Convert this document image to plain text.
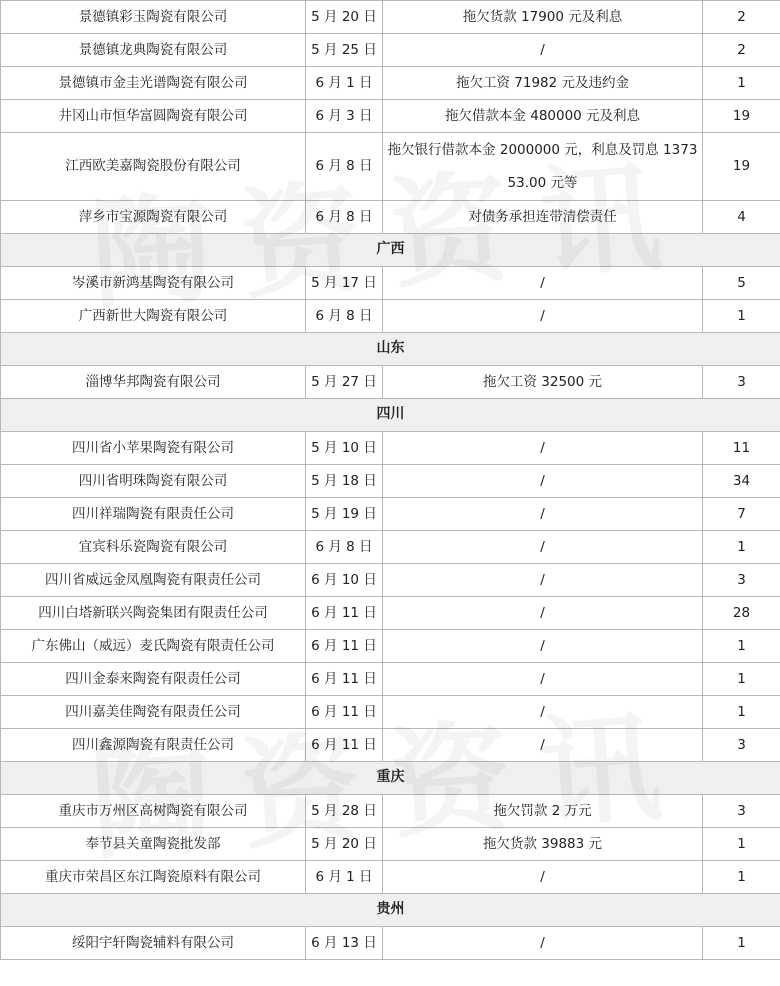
景德镇彩玉陶瓷有限公司	5 月 20 日	拖欠货款 17900 元及利息	2
景德镇龙典陶瓷有限公司	5 月 25 日	/	2
景德镇市金圭光谱陶瓷有限公司	6 月 1 日	拖欠工资 71982 元及违约金	1
井冈山市恒华富圆陶瓷有限公司	6 月 3 日	拖欠借款本金 480000 元及利息	19
江西欧美嘉陶瓷股份有限公司	6 月 8 日	拖欠银行借款本金 2000000 元，利息及罚息 137353.00 元等	19
萍乡市宝源陶瓷有限公司	6 月 8 日	对债务承担连带清偿责任	4
广西			
岑溪市新鸿基陶瓷有限公司	5 月 17 日	/	5
广西新世大陶瓷有限公司	6 月 8 日	/	1
山东			
淄博华邦陶瓷有限公司	5 月 27 日	拖欠工资 32500 元	3
四川			
四川省小苹果陶瓷有限公司	5 月 10 日	/	11
四川省明珠陶瓷有限公司	5 月 18 日	/	34
四川祥瑞陶瓷有限责任公司	5 月 19 日	/	7
宜宾科乐瓷陶瓷有限公司	6 月 8 日	/	1
四川省威远金凤凰陶瓷有限责任公司	6 月 10 日	/	3
四川白塔新联兴陶瓷集团有限责任公司	6 月 11 日	/	28
广东佛山（威远）麦氏陶瓷有限责任公司	6 月 11 日	/	1
四川金泰来陶瓷有限责任公司	6 月 11 日	/	1
四川嘉美佳陶瓷有限责任公司	6 月 11 日	/	1
四川鑫源陶瓷有限责任公司	6 月 11 日	/	3
重庆			
重庆市万州区高树陶瓷有限公司	5 月 28 日	拖欠罚款 2 万元	3
奉节县关童陶瓷批发部	5 月 20 日	拖欠货款 39883 元	1
重庆市荣昌区东江陶瓷原料有限公司	6 月 1 日	/	1
贵州			
绥阳宇轩陶瓷辅料有限公司	6 月 13 日	/	1
